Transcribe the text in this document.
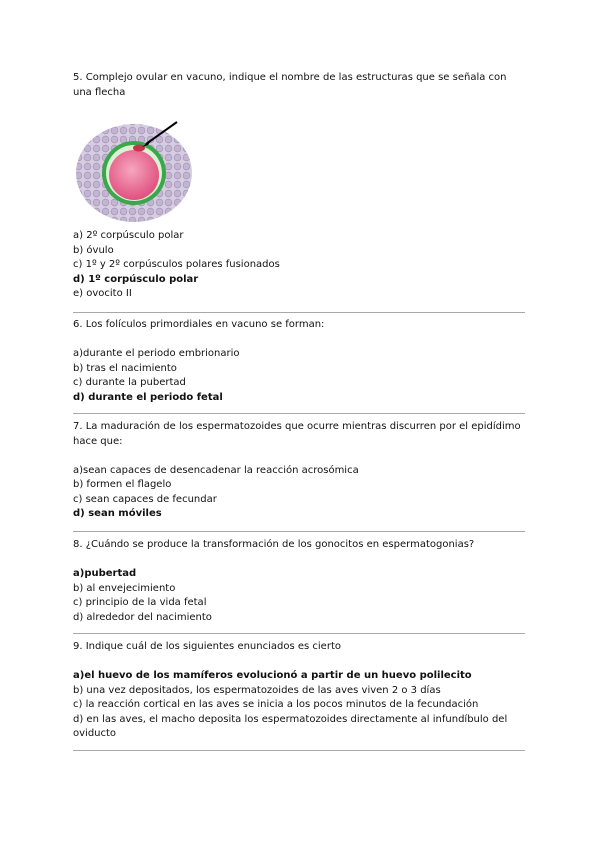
5. Complejo ovular en vacuno, indique el nombre de las estructuras que se señala con una flecha
a) 2º corpúsculo polar
b) óvulo
c) 1º y 2º corpúsculos polares fusionados
d) 1º corpúsculo polar
e) ovocito II
6. Los folículos primordiales en vacuno se forman:
a)durante el periodo embrionario
b) tras el nacimiento
c) durante la pubertad
d) durante el periodo fetal
7. La maduración de los espermatozoides que ocurre mientras discurren por el epidídimo hace que:
a)sean capaces de desencadenar la reacción acrosómica
b) formen el flagelo
c) sean capaces de fecundar
d) sean móviles
8. ¿Cuándo se produce la transformación de los gonocitos en espermatogonias?
a)pubertad
b) al envejecimiento
c) principio de la vida fetal
d) alrededor del nacimiento
9. Indique cuál de los siguientes enunciados es cierto
a)el huevo de los mamíferos evolucionó a partir de un huevo polilecito
b) una vez depositados, los espermatozoides de las aves viven 2 o 3 días
c) la reacción cortical en las aves se inicia a los pocos minutos de la fecundación
d) en las aves, el macho deposita los espermatozoides directamente al infundíbulo del oviducto
